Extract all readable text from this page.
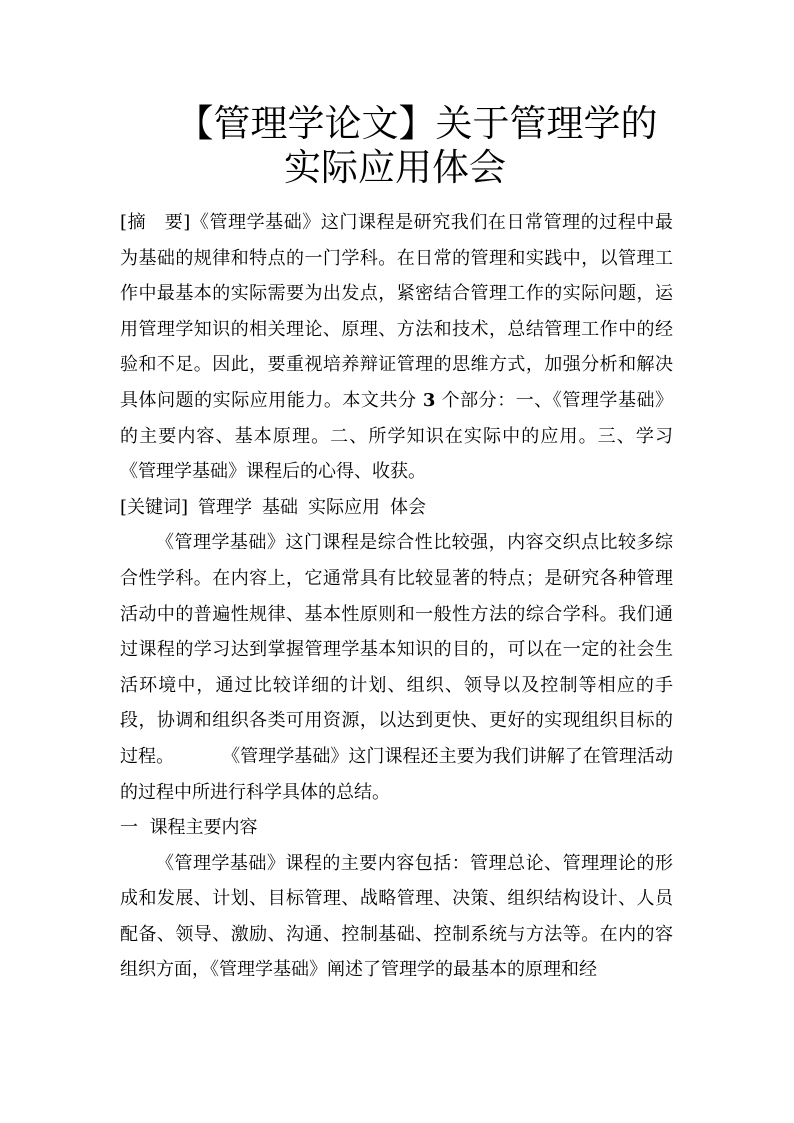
【管理学论文】关于管理学的
实际应用体会

[摘　要]《管理学基础》这门课程是研究我们在日常管理的过程中最为基础的规律和特点的一门学科。在日常的管理和实践中，以管理工作中最基本的实际需要为出发点，紧密结合管理工作的实际问题，运用管理学知识的相关理论、原理、方法和技术，总结管理工作中的经验和不足。因此，要重视培养辩证管理的思维方式，加强分析和解决具体问题的实际应用能力。本文共分 3 个部分：一、《管理学基础》的主要内容、基本原理。二、所学知识在实际中的应用。三、学习《管理学基础》课程后的心得、收获。

[关键词] 管理学 基础 实际应用 体会

《管理学基础》这门课程是综合性比较强，内容交织点比较多综合性学科。在内容上，它通常具有比较显著的特点；是研究各种管理活动中的普遍性规律、基本性原则和一般性方法的综合学科。我们通过课程的学习达到掌握管理学基本知识的目的，可以在一定的社会生活环境中，通过比较详细的计划、组织、领导以及控制等相应的手段，协调和组织各类可用资源，以达到更快、更好的实现组织目标的过程。	《管理学基础》这门课程还主要为我们讲解了在管理活动的过程中所进行科学具体的总结。

一  课程主要内容

《管理学基础》课程的主要内容包括：管理总论、管理理论的形成和发展、计划、目标管理、战略管理、决策、组织结构设计、人员配备、领导、激励、沟通、控制基础、控制系统与方法等。在内的容组织方面，《管理学基础》阐述了管理学的最基本的原理和经
